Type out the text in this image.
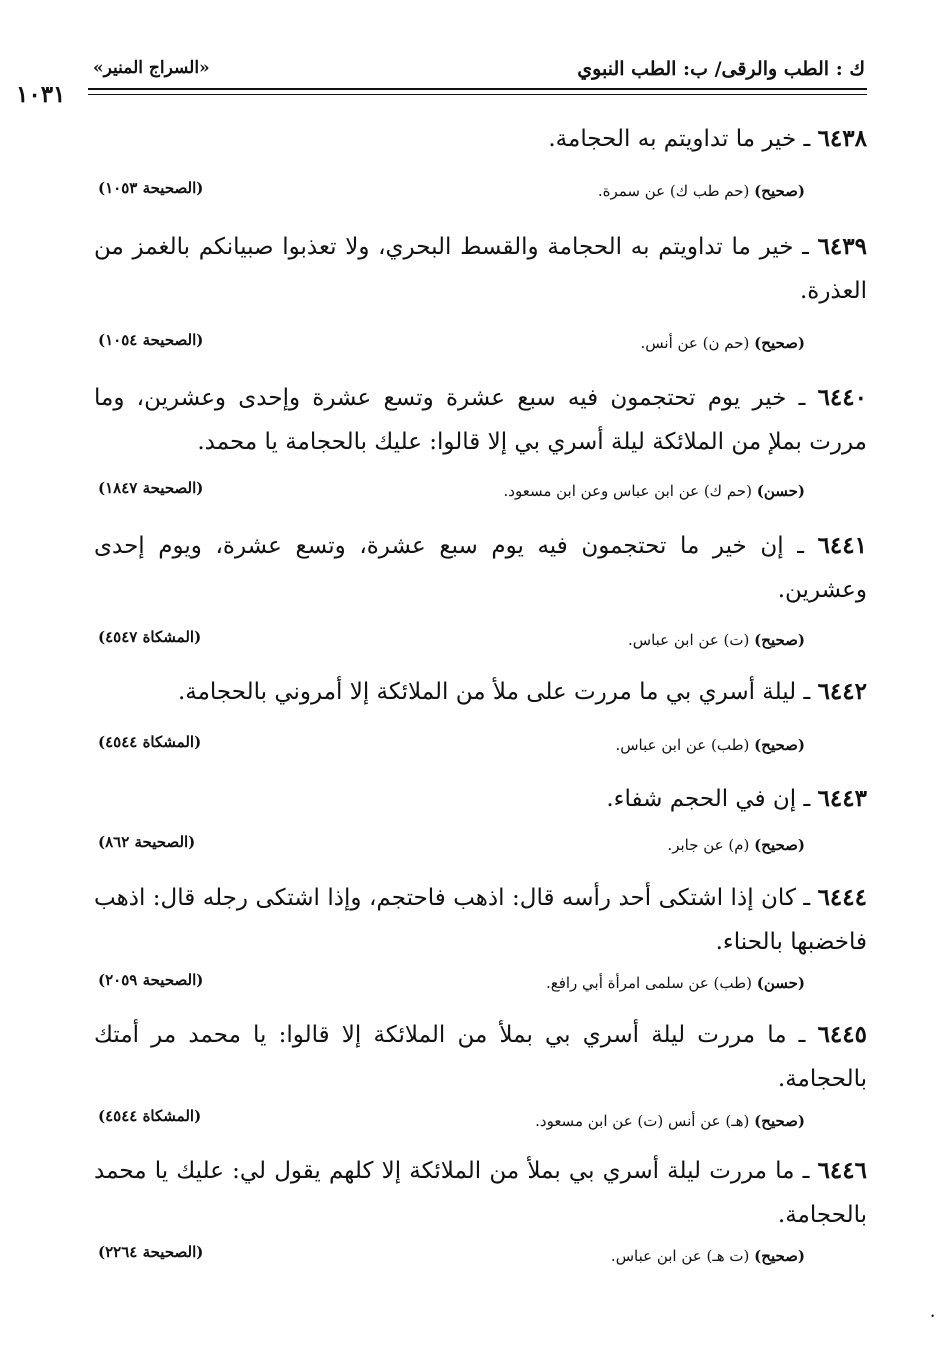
ك : الطب والرقى/ ب: الطب النبوي
«السراج المنير»
١٠٣١
٦٤٣٨ ـ خير ما تداويتم به الحجامة.
(صحيح) (حم طب ك) عن سمرة.
(الصحيحة ١٠٥٣)
٦٤٣٩ ـ خير ما تداويتم به الحجامة والقسط البحري، ولا تعذبوا صبيانكم بالغمز من العذرة.
(صحيح) (حم ن) عن أنس.
(الصحيحة ١٠٥٤)
٦٤٤٠ ـ خير يوم تحتجمون فيه سبع عشرة وتسع عشرة وإحدى وعشرين، وما مررت بملإ من الملائكة ليلة أسري بي إلا قالوا: عليك بالحجامة يا محمد.
(حسن) (حم ك) عن ابن عباس وعن ابن مسعود.
(الصحيحة ١٨٤٧)
٦٤٤١ ـ إن خير ما تحتجمون فيه يوم سبع عشرة، وتسع عشرة، ويوم إحدى وعشرين.
(صحيح) (ت) عن ابن عباس.
(المشكاة ٤٥٤٧)
٦٤٤٢ ـ ليلة أسري بي ما مررت على ملأ من الملائكة إلا أمروني بالحجامة.
(صحيح) (طب) عن ابن عباس.
(المشكاة ٤٥٤٤)
٦٤٤٣ ـ إن في الحجم شفاء.
(صحيح) (م) عن جابر.
(الصحيحة ٨٦٢)
٦٤٤٤ ـ كان إذا اشتكى أحد رأسه قال: اذهب فاحتجم، وإذا اشتكى رجله قال: اذهب فاخضبها بالحناء.
(حسن) (طب) عن سلمى امرأة أبي رافع.
(الصحيحة ٢٠٥٩)
٦٤٤٥ ـ ما مررت ليلة أسري بي بملأ من الملائكة إلا قالوا: يا محمد مر أمتك بالحجامة.
(صحيح) (هـ) عن أنس (ت) عن ابن مسعود.
(المشكاة ٤٥٤٤)
٦٤٤٦ ـ ما مررت ليلة أسري بي بملأ من الملائكة إلا كلهم يقول لي: عليك يا محمد بالحجامة.
(صحيح) (ت هـ) عن ابن عباس.
(الصحيحة ٢٢٦٤)
•
